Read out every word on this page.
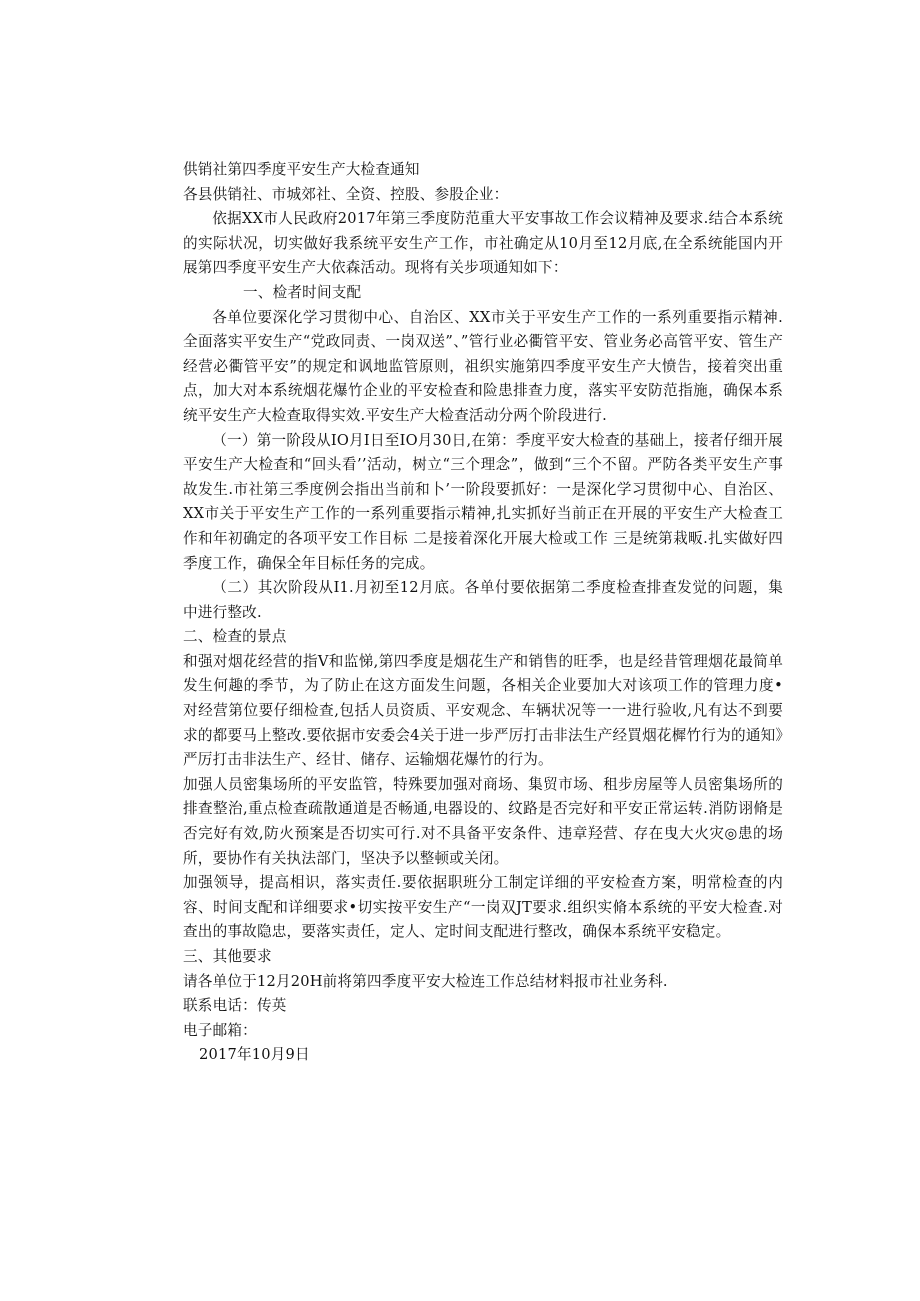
供销社第四季度平安生产大检查通知

各县供销社、市城郊社、全资、控股、参股企业：

依据XX市人民政府2017年第三季度防范重大平安事故工作会议精神及要求.结合本系统的实际状况，切实做好我系统平安生产工作，市社确定从10月至12月底,在全系统能国内开展第四季度平安生产大依森活动。现将有关步项通知如下：

一、检者时间支配

各单位要深化学习贯彻中心、自治区、XX市关于平安生产工作的一系列重要指示精神.全面落实平安生产“党政同责、一岗双送”、”管行业必衢管平安、管业务必高管平安、管生产经营必衢管平安”的规定和讽地监管原则，祖织实施第四季度平安生产大愤告，接着突出重点，加大对本系统烟花爆竹企业的平安检查和险患排查力度，落实平安防范指施，确保本系统平安生产大检查取得实效.平安生产大检查活动分两个阶段进行.

（一）第一阶段从IO月I日至IO月30日,在第：季度平安大检查的基础上，接者仔细开展平安生产大检查和“回头看’’活动，树立“三个理念”，做到“三个不留。严防各类平安生产事故发生.市社第三季度例会指出当前和卜’一阶段要抓好：一是深化学习贯彻中心、自治区、XX市关于平安生产工作的一系列重要指示精神,扎实抓好当前正在开展的平安生产大检查工作和年初确定的各项平安工作目标 二是接着深化开展大检或工作 三是统第栽畈.扎实做好四季度工作，确保全年目标任务的完成。

（二）其次阶段从I1.月初至12月底。各单付要依据第二季度检查排查发觉的问题，集中进行整改.

二、检查的景点

和强对烟花经营的指V和监悌,第四季度是烟花生产和销售的旺季，也是经昔管理烟花最简单发生何趣的季节，为了防止在这方面发生问题，各相关企业要加大对该项工作的管理力度•对经营第位要仔细检查,包括人员资质、平安观念、车辆状况等一一进行验收,凡有达不到要求的都要马上整改.要依据市安委会4关于进一步严厉打击非法生产经買烟花樨竹行为的通知》严厉打击非法生产、经甘、储存、运输烟花爆竹的行为。

加强人员密集场所的平安监管，特殊要加强对商场、集贸市场、租步房屋等人员密集场所的排查整治,重点检查疏散通道是否畅通,电器设的、纹路是否完好和平安正常运转.消防诩脩是否完好有效,防火预案是否切实可行.对不具备平安条件、违章羟营、存在曳大火灾◎患的场所，要协作有关执法部门，坚决予以整顿或关闭。

加强领导，提高相识，落实责任.要依据职班分工制定详细的平安检查方案，明常检查的内容、时间支配和详细要求•切实按平安生产“一岗双JT要求.组织实脩本系统的平安大检查.对查出的事故隐忠，要落实责任，定人、定时间支配进行整改，确保本系统平安稳定。

三、其他要求

请各单位于12月20H前将第四季度平安大检连工作总结材料报市社业务科.

联系电话：传英

电子邮箱：

2017年10月9日
